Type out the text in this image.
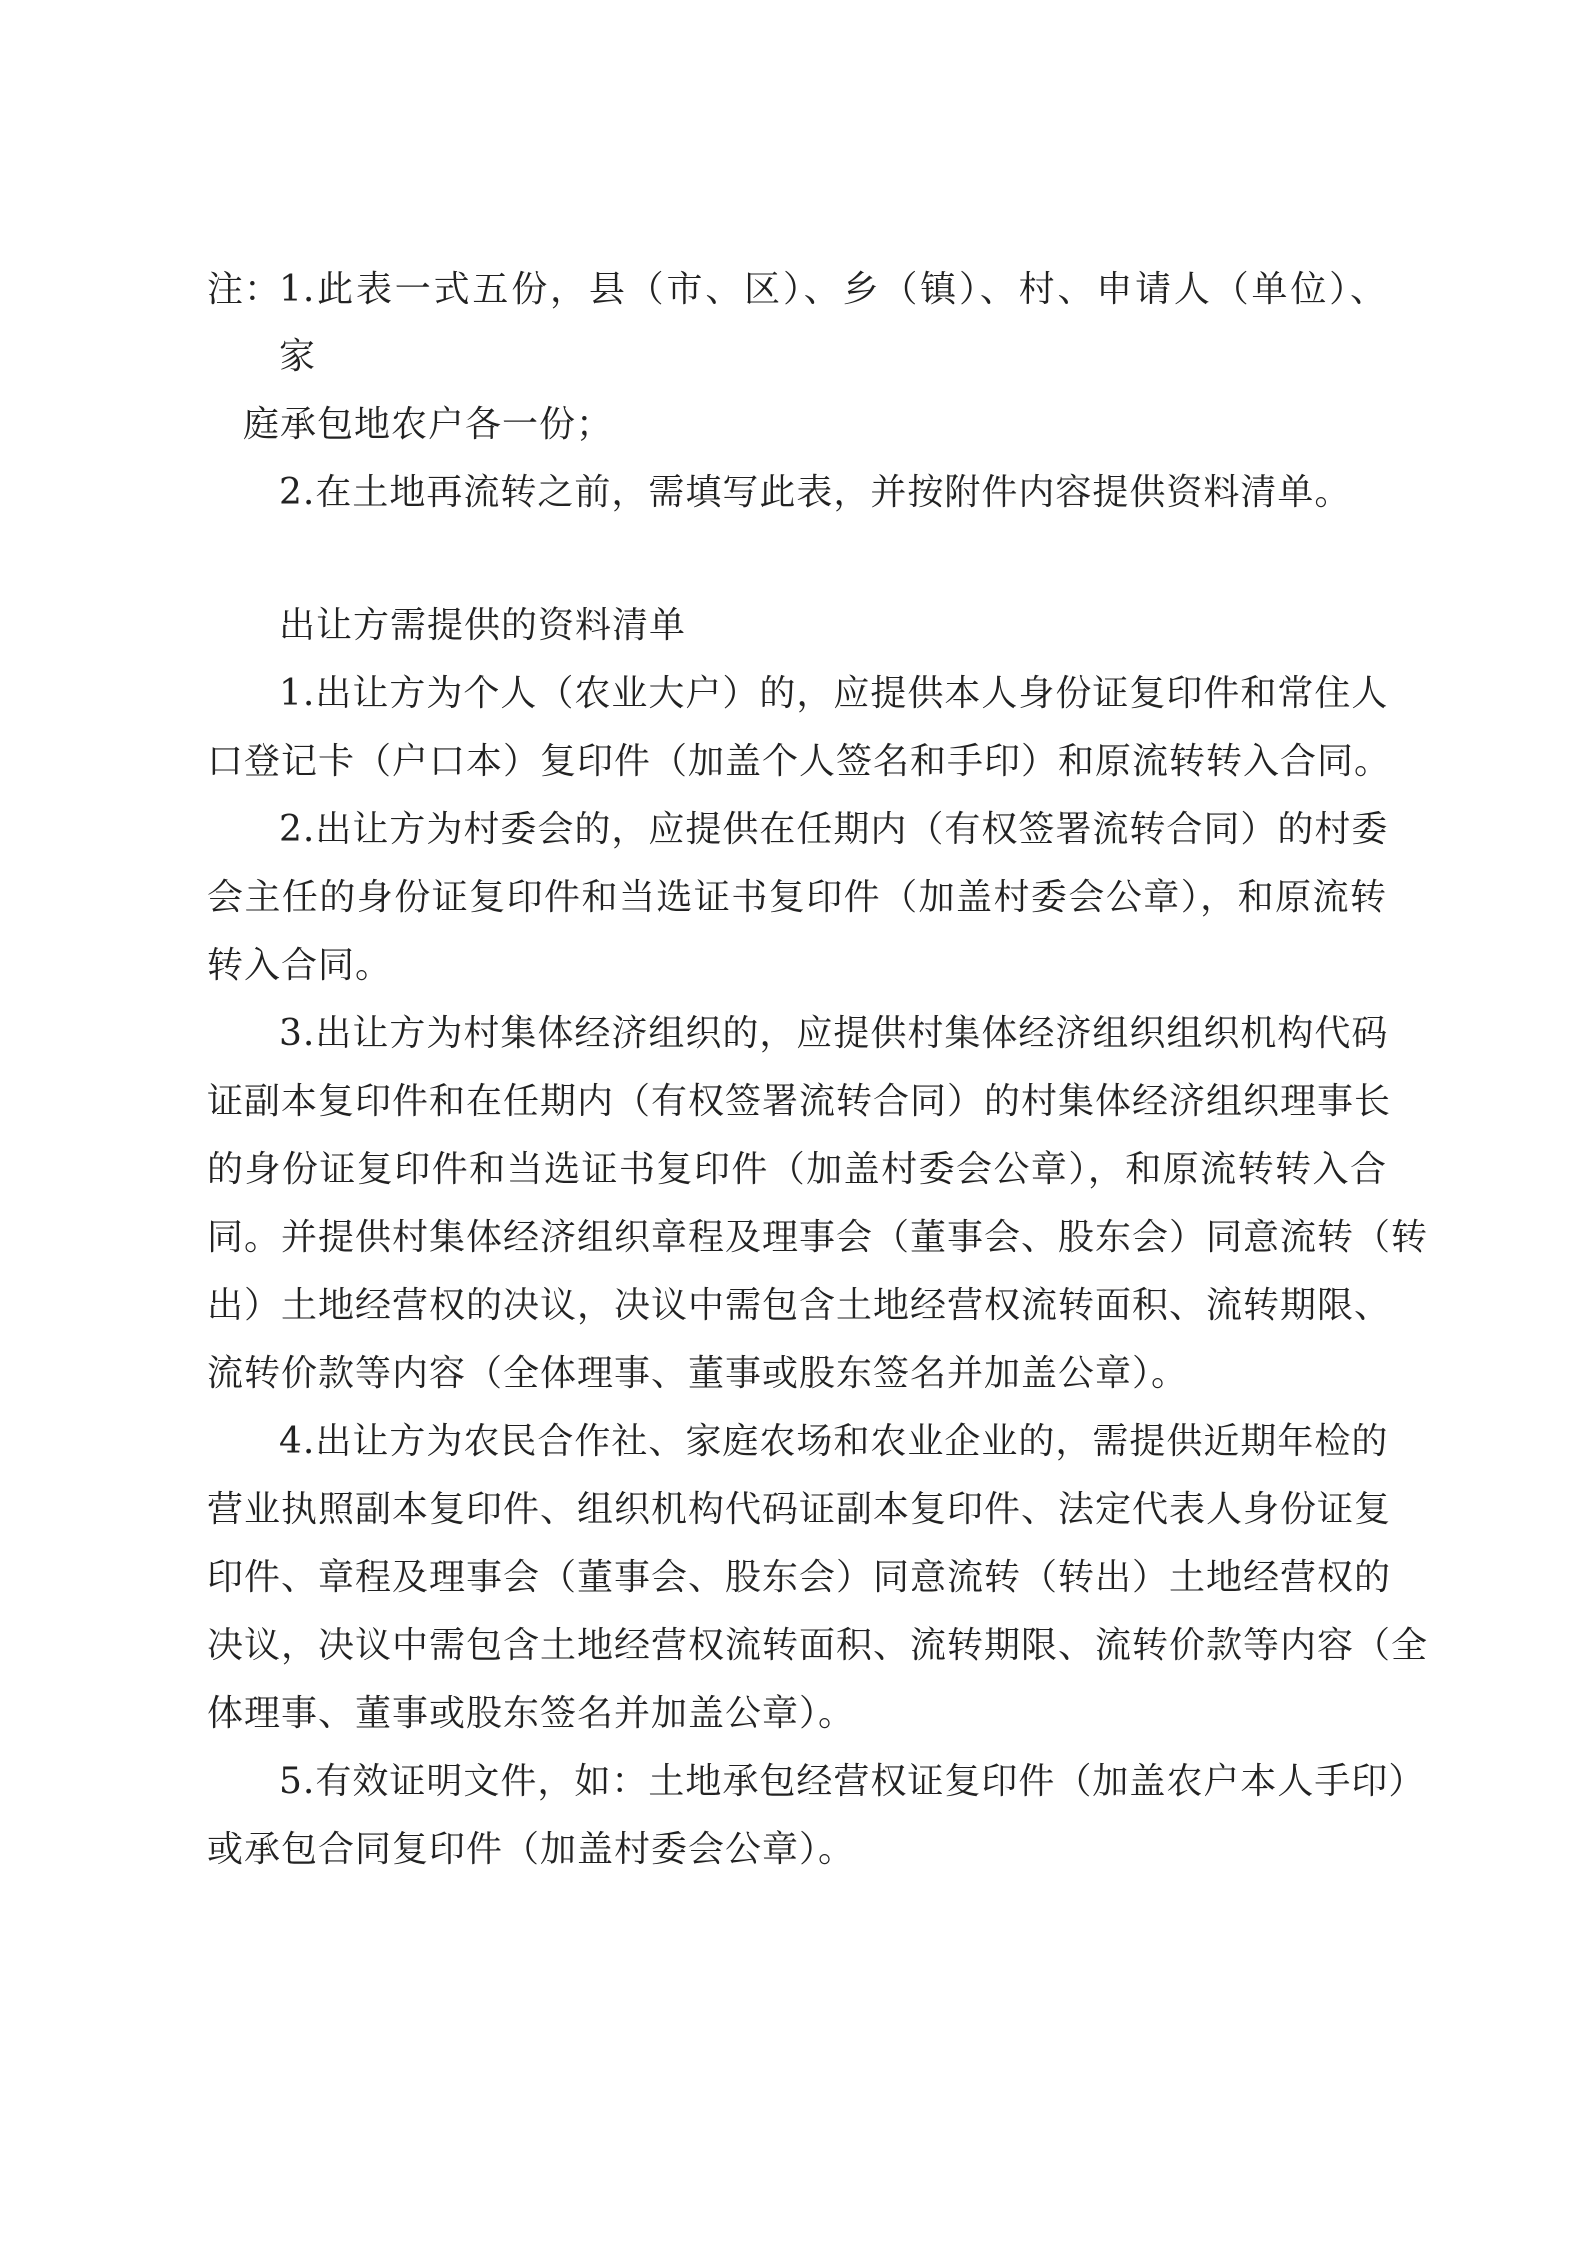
注：

1.此表一式五份，县（市、区）、乡（镇）、村、申请人（单位）、

家

庭承包地农户各一份；

2.在土地再流转之前，需填写此表，并按附件内容提供资料清单。

出让方需提供的资料清单

1.出让方为个人（农业大户）的，应提供本人身份证复印件和常住人

口登记卡（户口本）复印件（加盖个人签名和手印）和原流转转入合同。

2.出让方为村委会的，应提供在任期内（有权签署流转合同）的村委

会主任的身份证复印件和当选证书复印件（加盖村委会公章），和原流转

转入合同。

3.出让方为村集体经济组织的，应提供村集体经济组织组织机构代码

证副本复印件和在任期内（有权签署流转合同）的村集体经济组织理事长

的身份证复印件和当选证书复印件（加盖村委会公章），和原流转转入合

同。并提供村集体经济组织章程及理事会（董事会、股东会）同意流转（转

出）土地经营权的决议，决议中需包含土地经营权流转面积、流转期限、

流转价款等内容（全体理事、董事或股东签名并加盖公章）。

4.出让方为农民合作社、家庭农场和农业企业的，需提供近期年检的

营业执照副本复印件、组织机构代码证副本复印件、法定代表人身份证复

印件、章程及理事会（董事会、股东会）同意流转（转出）土地经营权的

决议，决议中需包含土地经营权流转面积、流转期限、流转价款等内容（全

体理事、董事或股东签名并加盖公章）。

5.有效证明文件，如：土地承包经营权证复印件（加盖农户本人手印）

或承包合同复印件（加盖村委会公章）。
